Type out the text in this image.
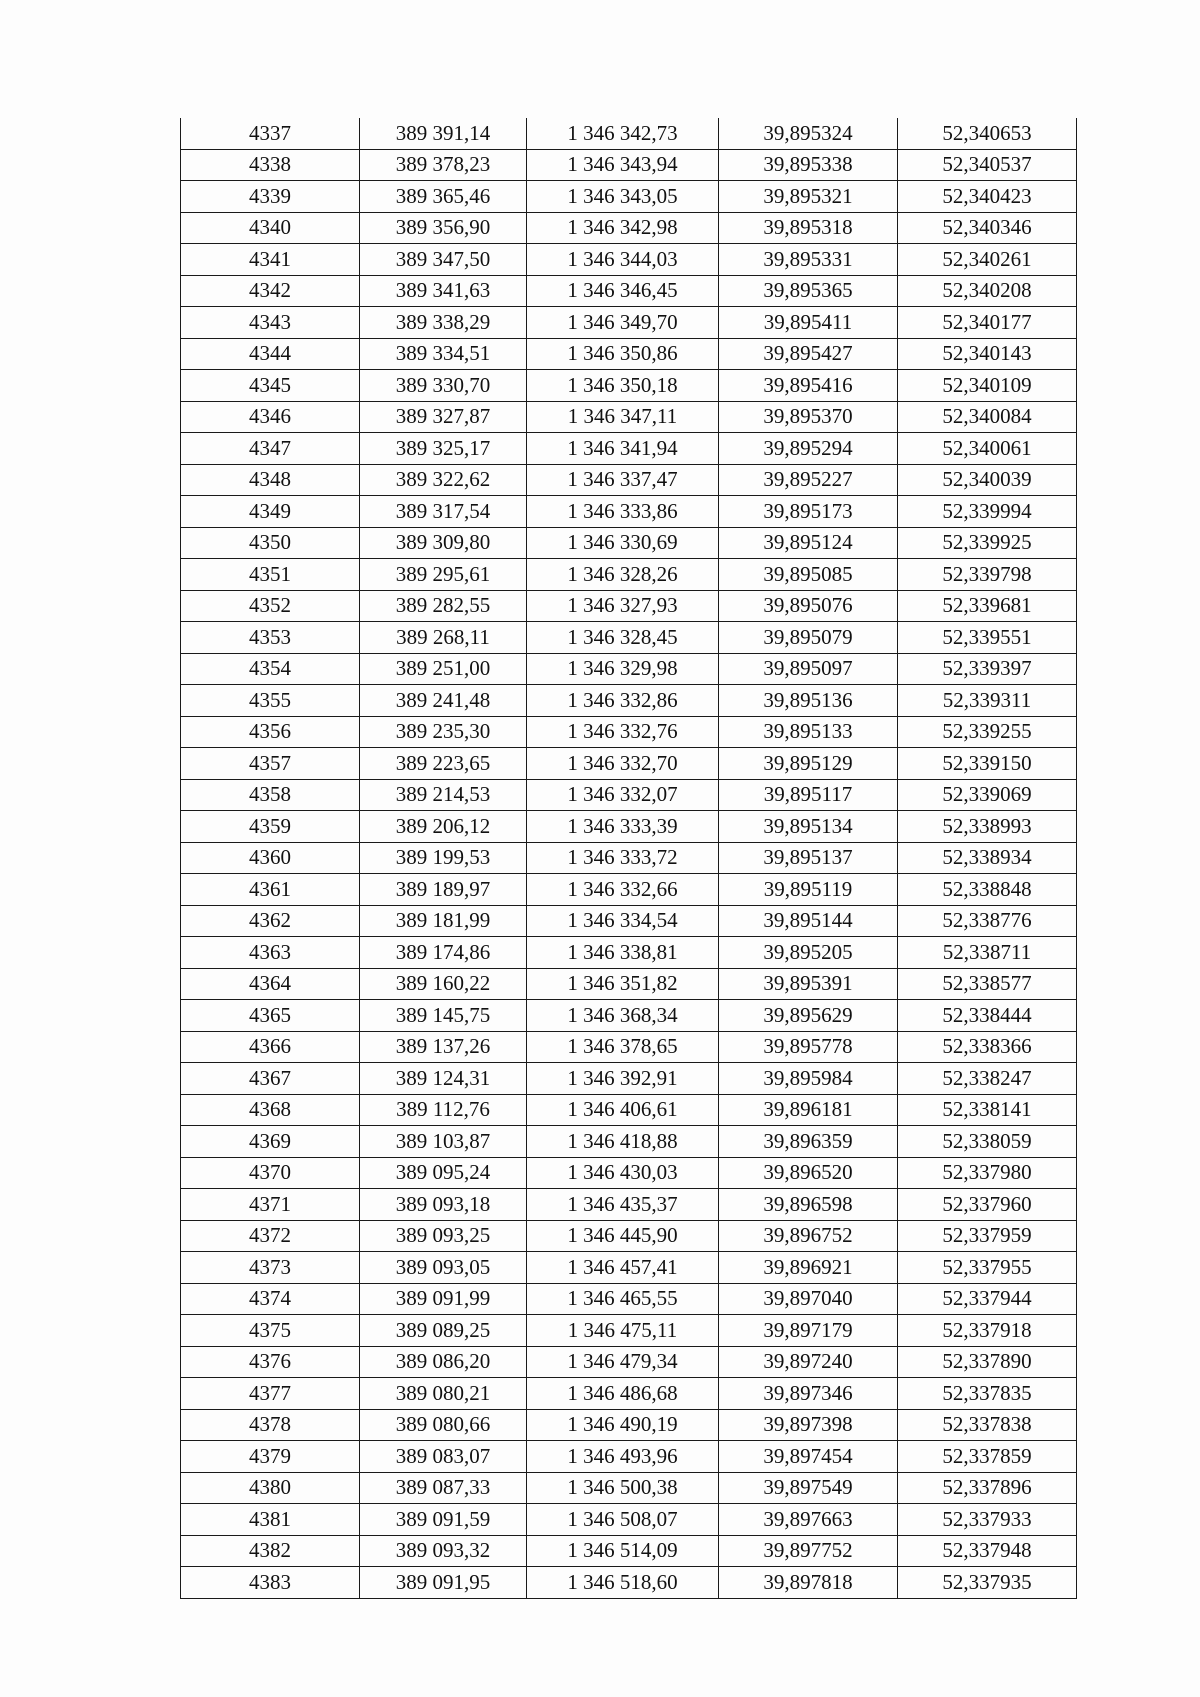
4337	389 391,14	1 346 342,73	39,895324	52,340653
4338	389 378,23	1 346 343,94	39,895338	52,340537
4339	389 365,46	1 346 343,05	39,895321	52,340423
4340	389 356,90	1 346 342,98	39,895318	52,340346
4341	389 347,50	1 346 344,03	39,895331	52,340261
4342	389 341,63	1 346 346,45	39,895365	52,340208
4343	389 338,29	1 346 349,70	39,895411	52,340177
4344	389 334,51	1 346 350,86	39,895427	52,340143
4345	389 330,70	1 346 350,18	39,895416	52,340109
4346	389 327,87	1 346 347,11	39,895370	52,340084
4347	389 325,17	1 346 341,94	39,895294	52,340061
4348	389 322,62	1 346 337,47	39,895227	52,340039
4349	389 317,54	1 346 333,86	39,895173	52,339994
4350	389 309,80	1 346 330,69	39,895124	52,339925
4351	389 295,61	1 346 328,26	39,895085	52,339798
4352	389 282,55	1 346 327,93	39,895076	52,339681
4353	389 268,11	1 346 328,45	39,895079	52,339551
4354	389 251,00	1 346 329,98	39,895097	52,339397
4355	389 241,48	1 346 332,86	39,895136	52,339311
4356	389 235,30	1 346 332,76	39,895133	52,339255
4357	389 223,65	1 346 332,70	39,895129	52,339150
4358	389 214,53	1 346 332,07	39,895117	52,339069
4359	389 206,12	1 346 333,39	39,895134	52,338993
4360	389 199,53	1 346 333,72	39,895137	52,338934
4361	389 189,97	1 346 332,66	39,895119	52,338848
4362	389 181,99	1 346 334,54	39,895144	52,338776
4363	389 174,86	1 346 338,81	39,895205	52,338711
4364	389 160,22	1 346 351,82	39,895391	52,338577
4365	389 145,75	1 346 368,34	39,895629	52,338444
4366	389 137,26	1 346 378,65	39,895778	52,338366
4367	389 124,31	1 346 392,91	39,895984	52,338247
4368	389 112,76	1 346 406,61	39,896181	52,338141
4369	389 103,87	1 346 418,88	39,896359	52,338059
4370	389 095,24	1 346 430,03	39,896520	52,337980
4371	389 093,18	1 346 435,37	39,896598	52,337960
4372	389 093,25	1 346 445,90	39,896752	52,337959
4373	389 093,05	1 346 457,41	39,896921	52,337955
4374	389 091,99	1 346 465,55	39,897040	52,337944
4375	389 089,25	1 346 475,11	39,897179	52,337918
4376	389 086,20	1 346 479,34	39,897240	52,337890
4377	389 080,21	1 346 486,68	39,897346	52,337835
4378	389 080,66	1 346 490,19	39,897398	52,337838
4379	389 083,07	1 346 493,96	39,897454	52,337859
4380	389 087,33	1 346 500,38	39,897549	52,337896
4381	389 091,59	1 346 508,07	39,897663	52,337933
4382	389 093,32	1 346 514,09	39,897752	52,337948
4383	389 091,95	1 346 518,60	39,897818	52,337935
